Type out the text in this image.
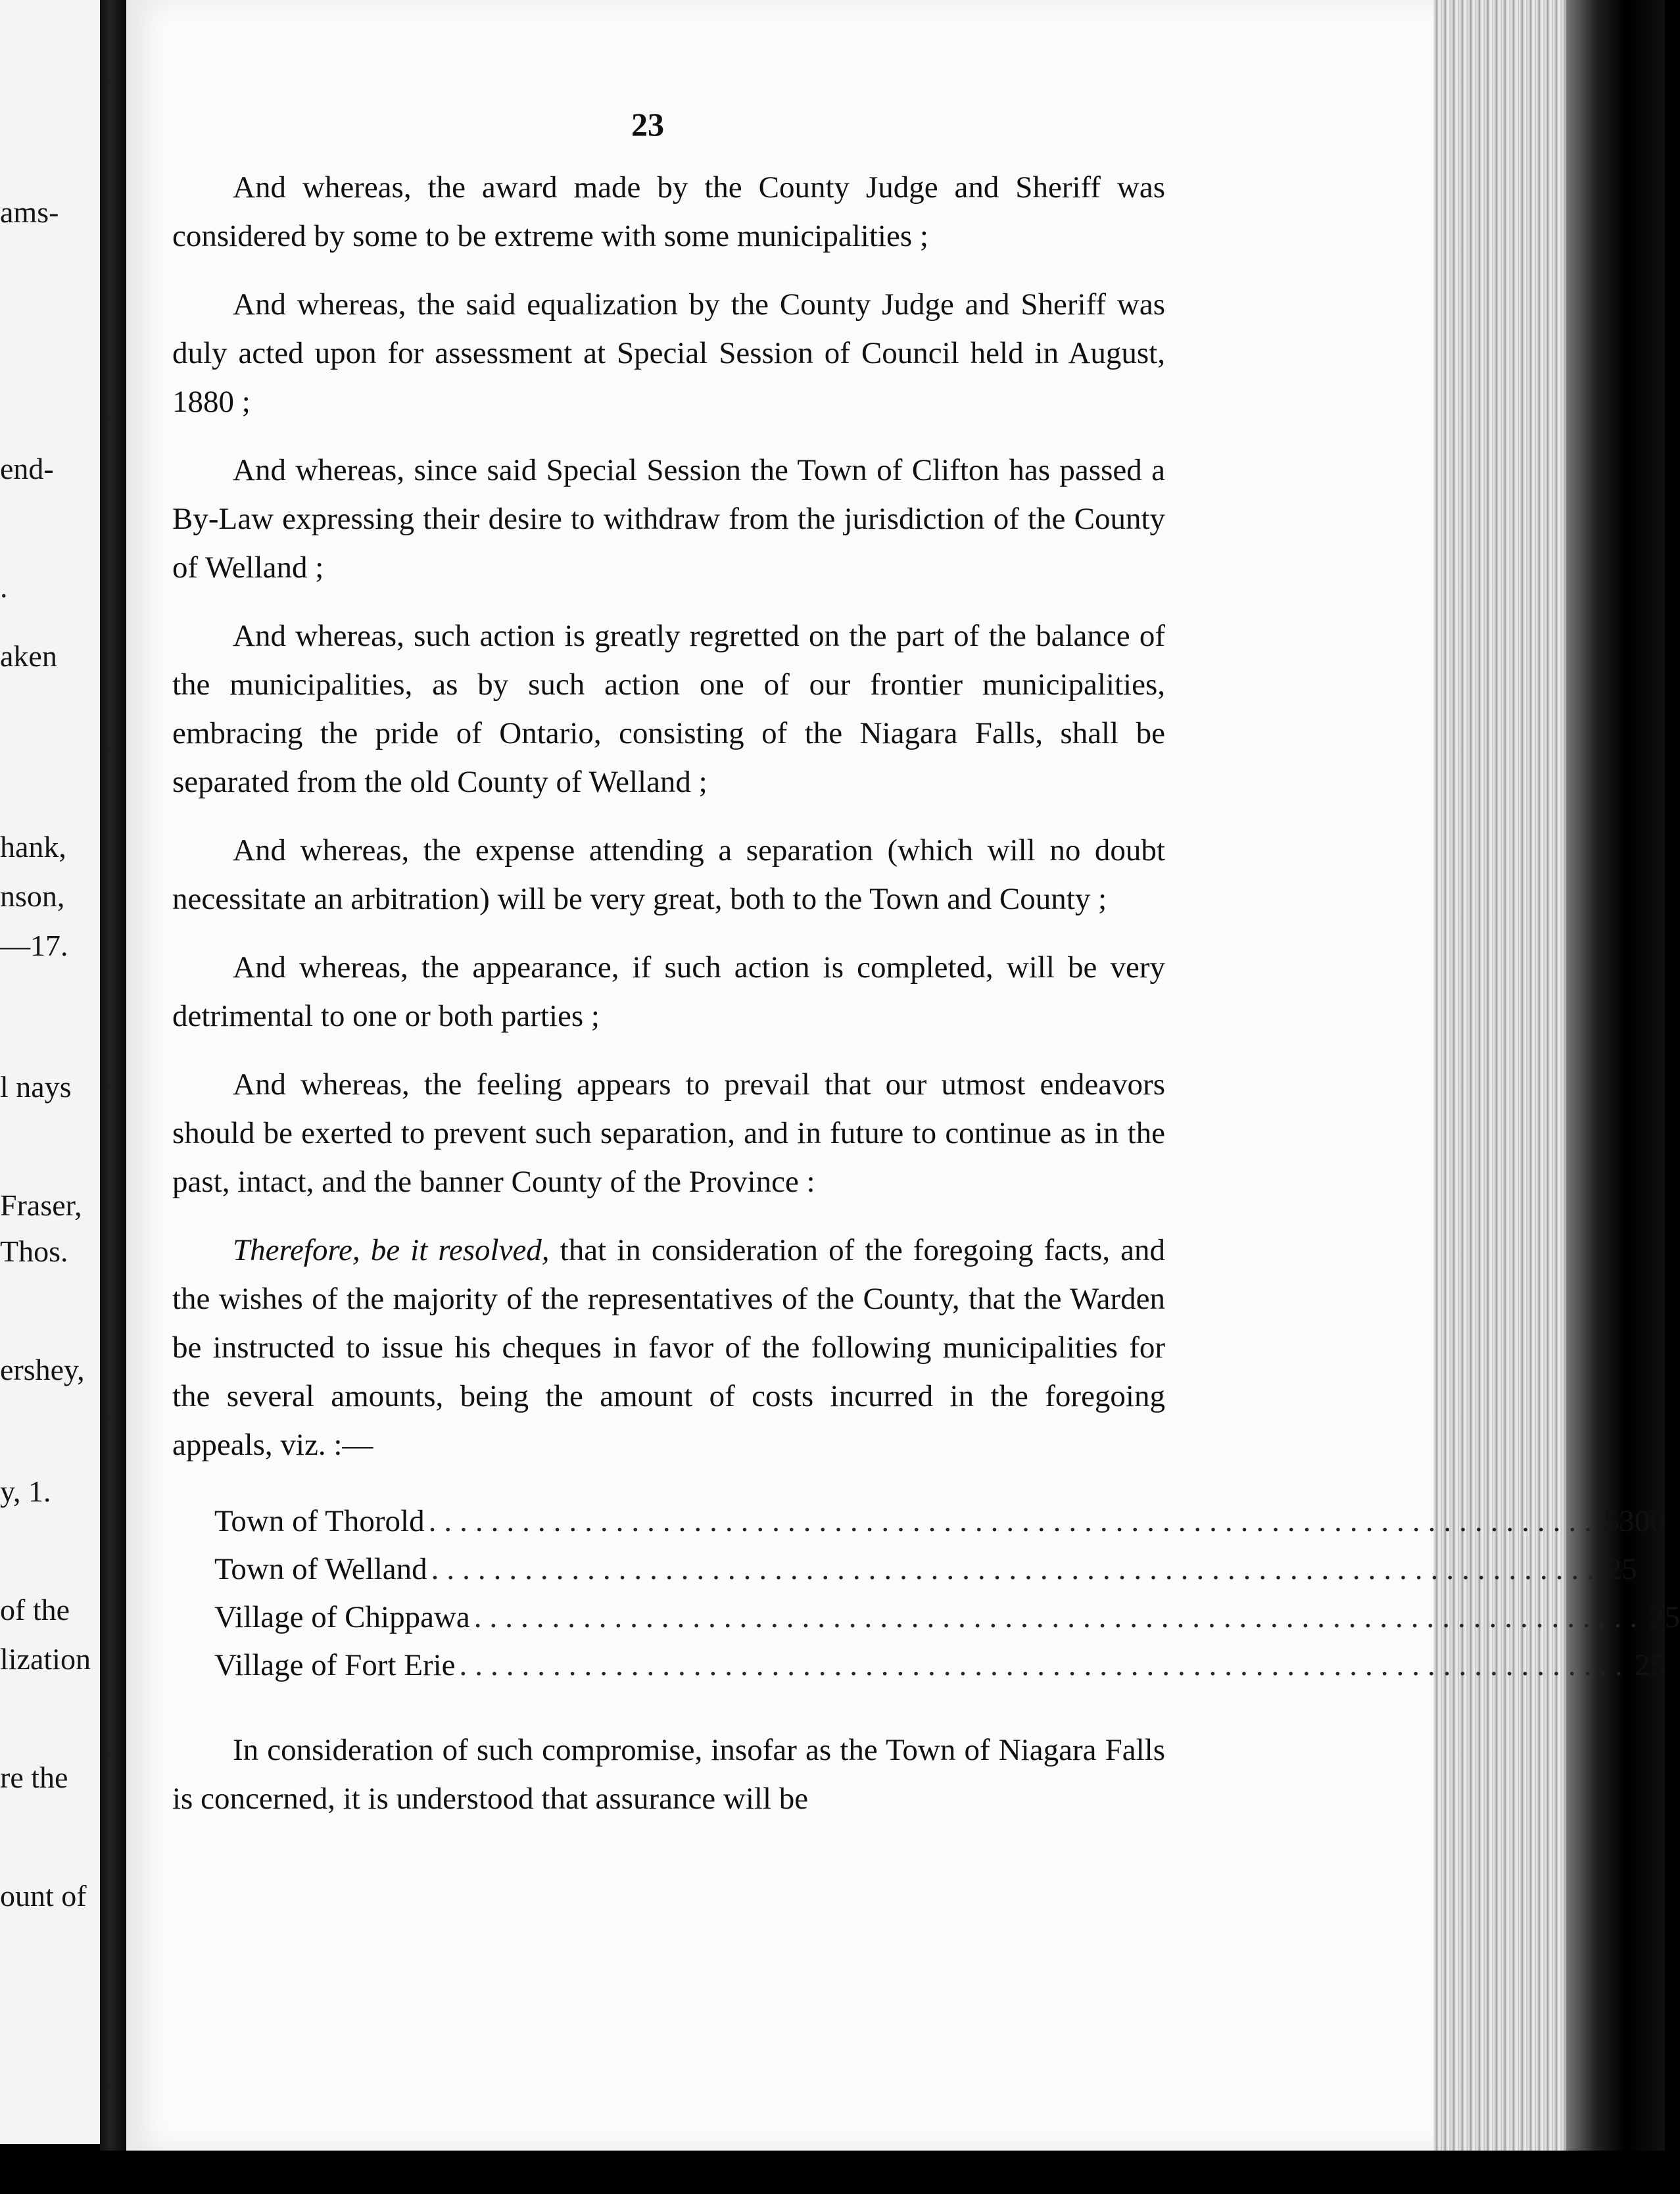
ams-
end-
.
aken
hank,
nson,
—17.
l nays
Fraser,
Thos.
ershey,
y, 1.
of the
lization
re the
ount of
23

And whereas, the award made by the County Judge and Sheriff was considered by some to be extreme with some municipalities ;

And whereas, the said equalization by the County Judge and Sheriff was duly acted upon for assessment at Special Session of Council held in August, 1880 ;

And whereas, since said Special Session the Town of Clifton has passed a By-Law expressing their desire to withdraw from the jurisdiction of the County of Welland ;

And whereas, such action is greatly regretted on the part of the balance of the municipalities, as by such action one of our frontier municipalities, embracing the pride of Ontario, consisting of the Niagara Falls, shall be separated from the old County of Welland ;

And whereas, the expense attending a separation (which will no doubt necessitate an arbitration) will be very great, both to the Town and County ;

And whereas, the appearance, if such action is completed, will be very detrimental to one or both parties ;

And whereas, the feeling appears to prevail that our utmost endeavors should be exerted to prevent such separation, and in future to continue as in the past, intact, and the banner County of the Province :

Therefore, be it resolved, that in consideration of the foregoing facts, and the wishes of the majority of the representatives of the County, that the Warden be instructed to issue his cheques in favor of the following municipalities for the several amounts, being the amount of costs incurred in the foregoing appeals, viz. :—

Town of Thorold ........................................................................... $300
Town of Welland ........................................................................... 25
Village of Chippawa ........................................................................... 25
Village of Fort Erie ........................................................................... 25

In consideration of such compromise, insofar as the Town of Niagara Falls is concerned, it is understood that assurance will be
